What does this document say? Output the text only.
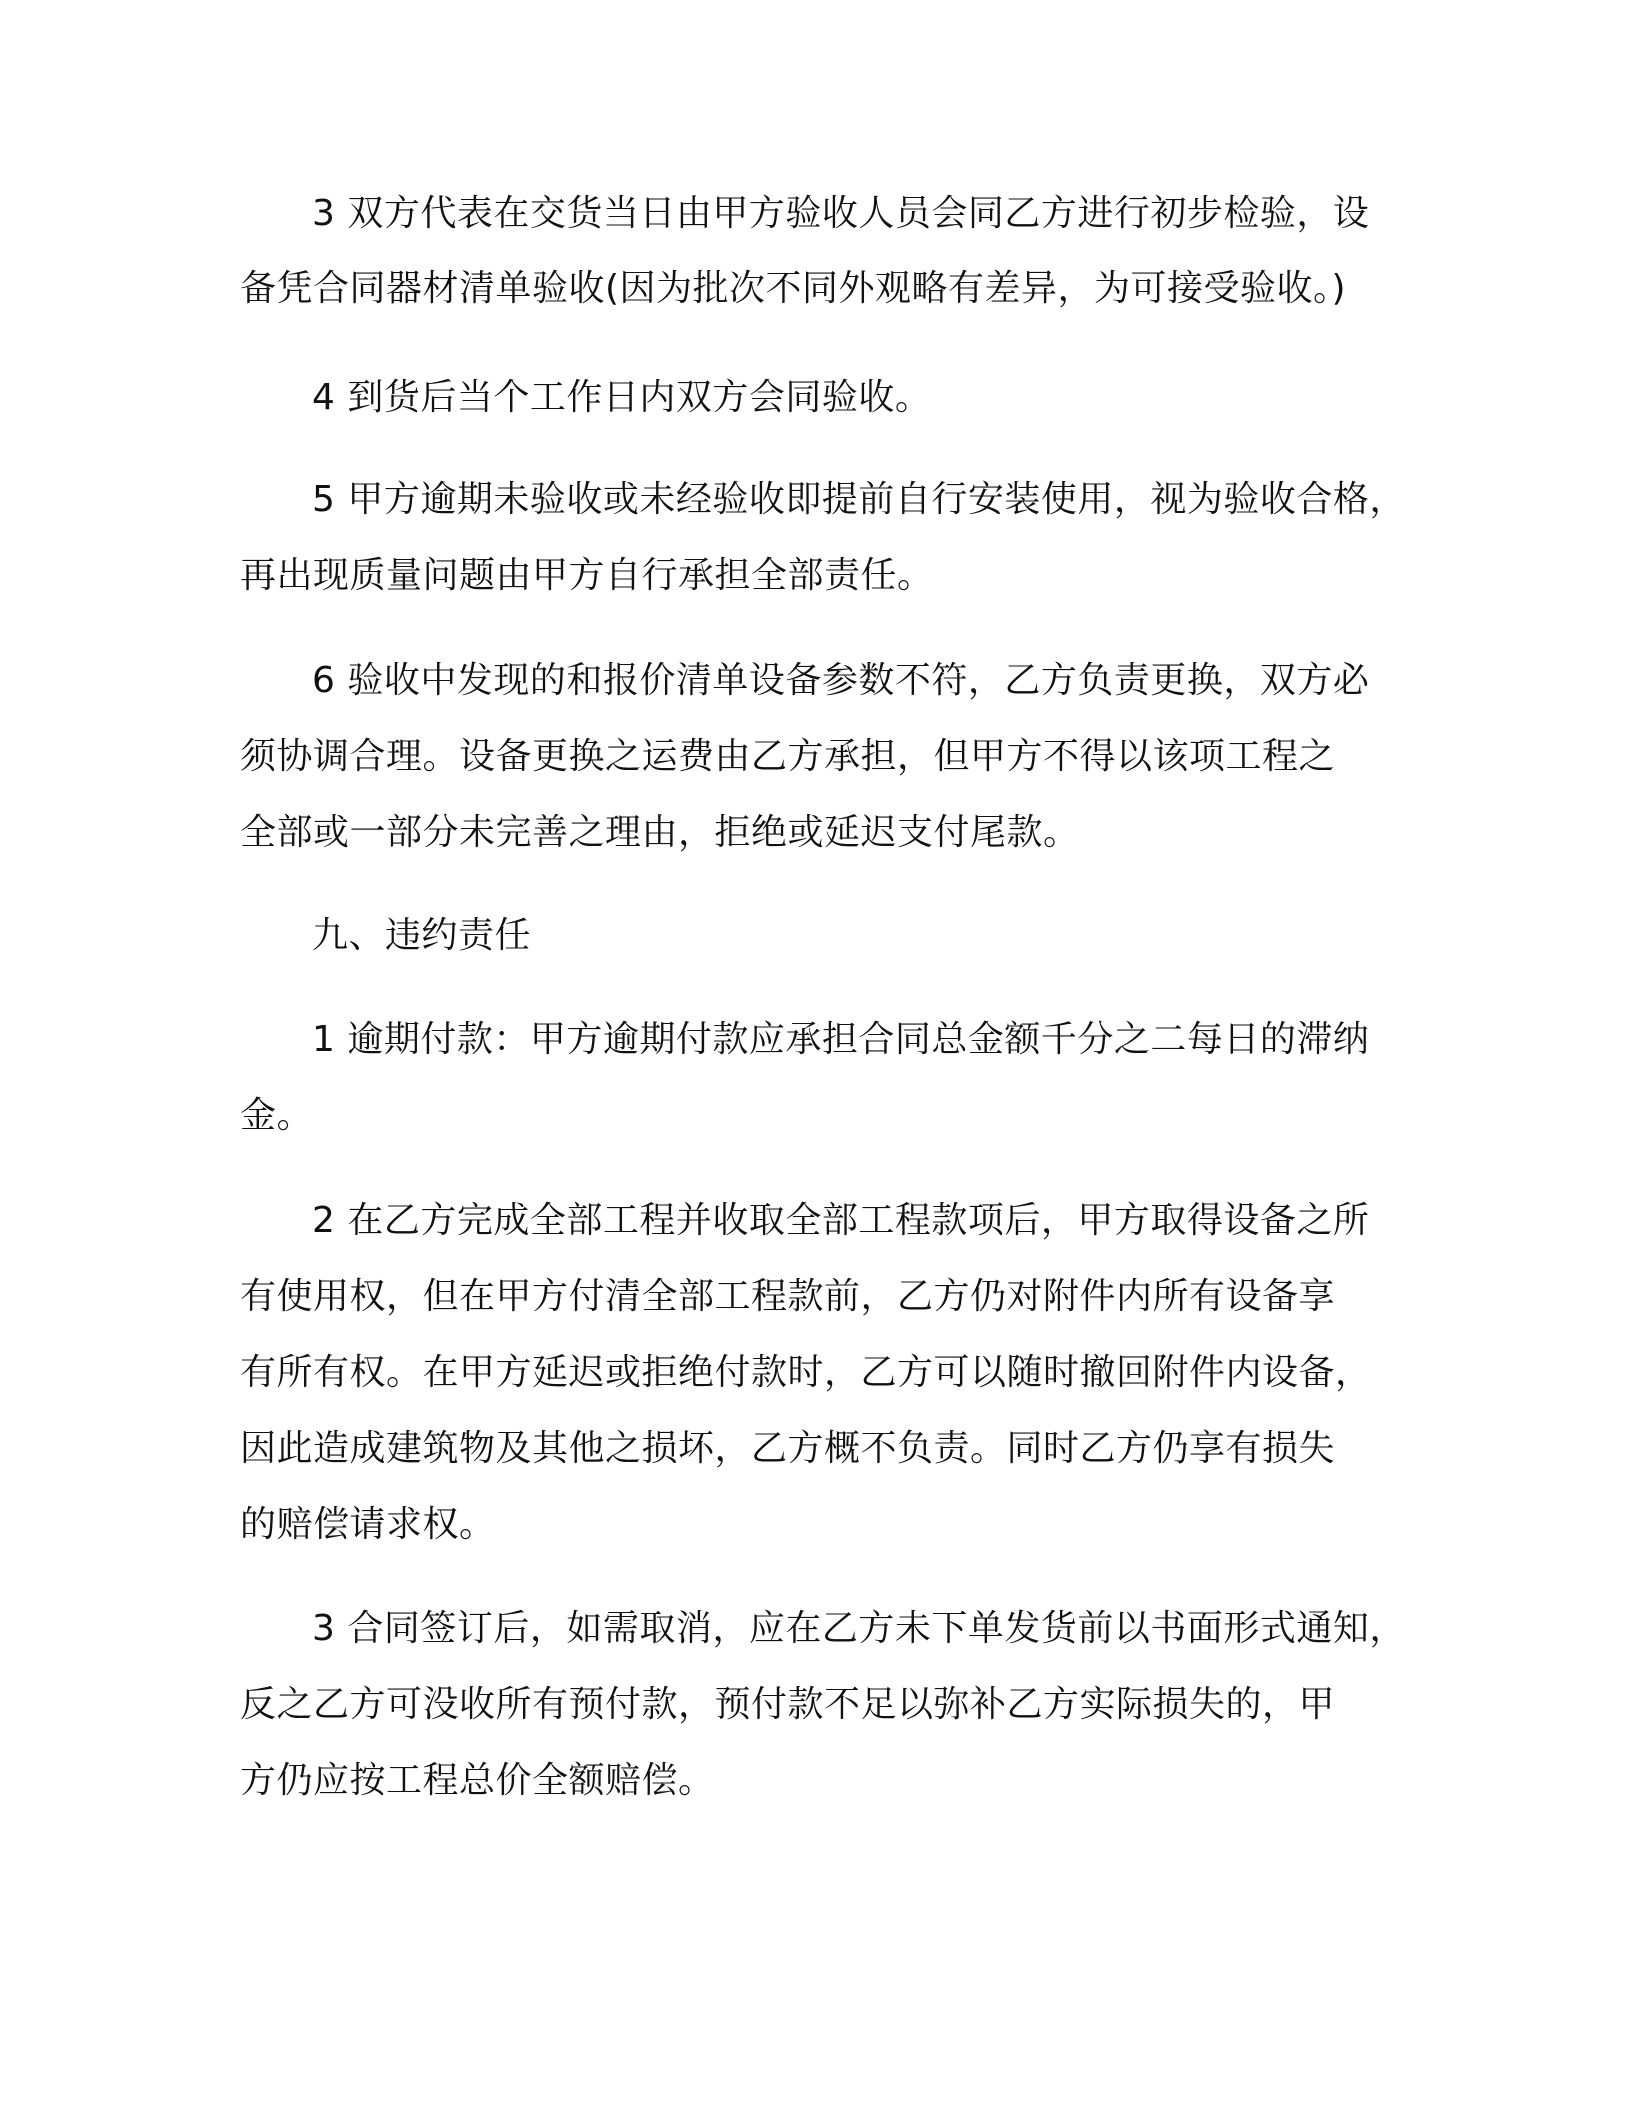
3 双方代表在交货当日由甲方验收人员会同乙方进行初步检验，设
备凭合同器材清单验收(因为批次不同外观略有差异，为可接受验收。)
4 到货后当个工作日内双方会同验收。
5 甲方逾期未验收或未经验收即提前自行安装使用，视为验收合格，
再出现质量问题由甲方自行承担全部责任。
6 验收中发现的和报价清单设备参数不符，乙方负责更换，双方必
须协调合理。设备更换之运费由乙方承担，但甲方不得以该项工程之
全部或一部分未完善之理由，拒绝或延迟支付尾款。
九、违约责任
1 逾期付款：甲方逾期付款应承担合同总金额千分之二每日的滞纳
金。
2 在乙方完成全部工程并收取全部工程款项后，甲方取得设备之所
有使用权，但在甲方付清全部工程款前，乙方仍对附件内所有设备享
有所有权。在甲方延迟或拒绝付款时，乙方可以随时撤回附件内设备，
因此造成建筑物及其他之损坏，乙方概不负责。同时乙方仍享有损失
的赔偿请求权。
3 合同签订后，如需取消，应在乙方未下单发货前以书面形式通知，
反之乙方可没收所有预付款，预付款不足以弥补乙方实际损失的，甲
方仍应按工程总价全额赔偿。
